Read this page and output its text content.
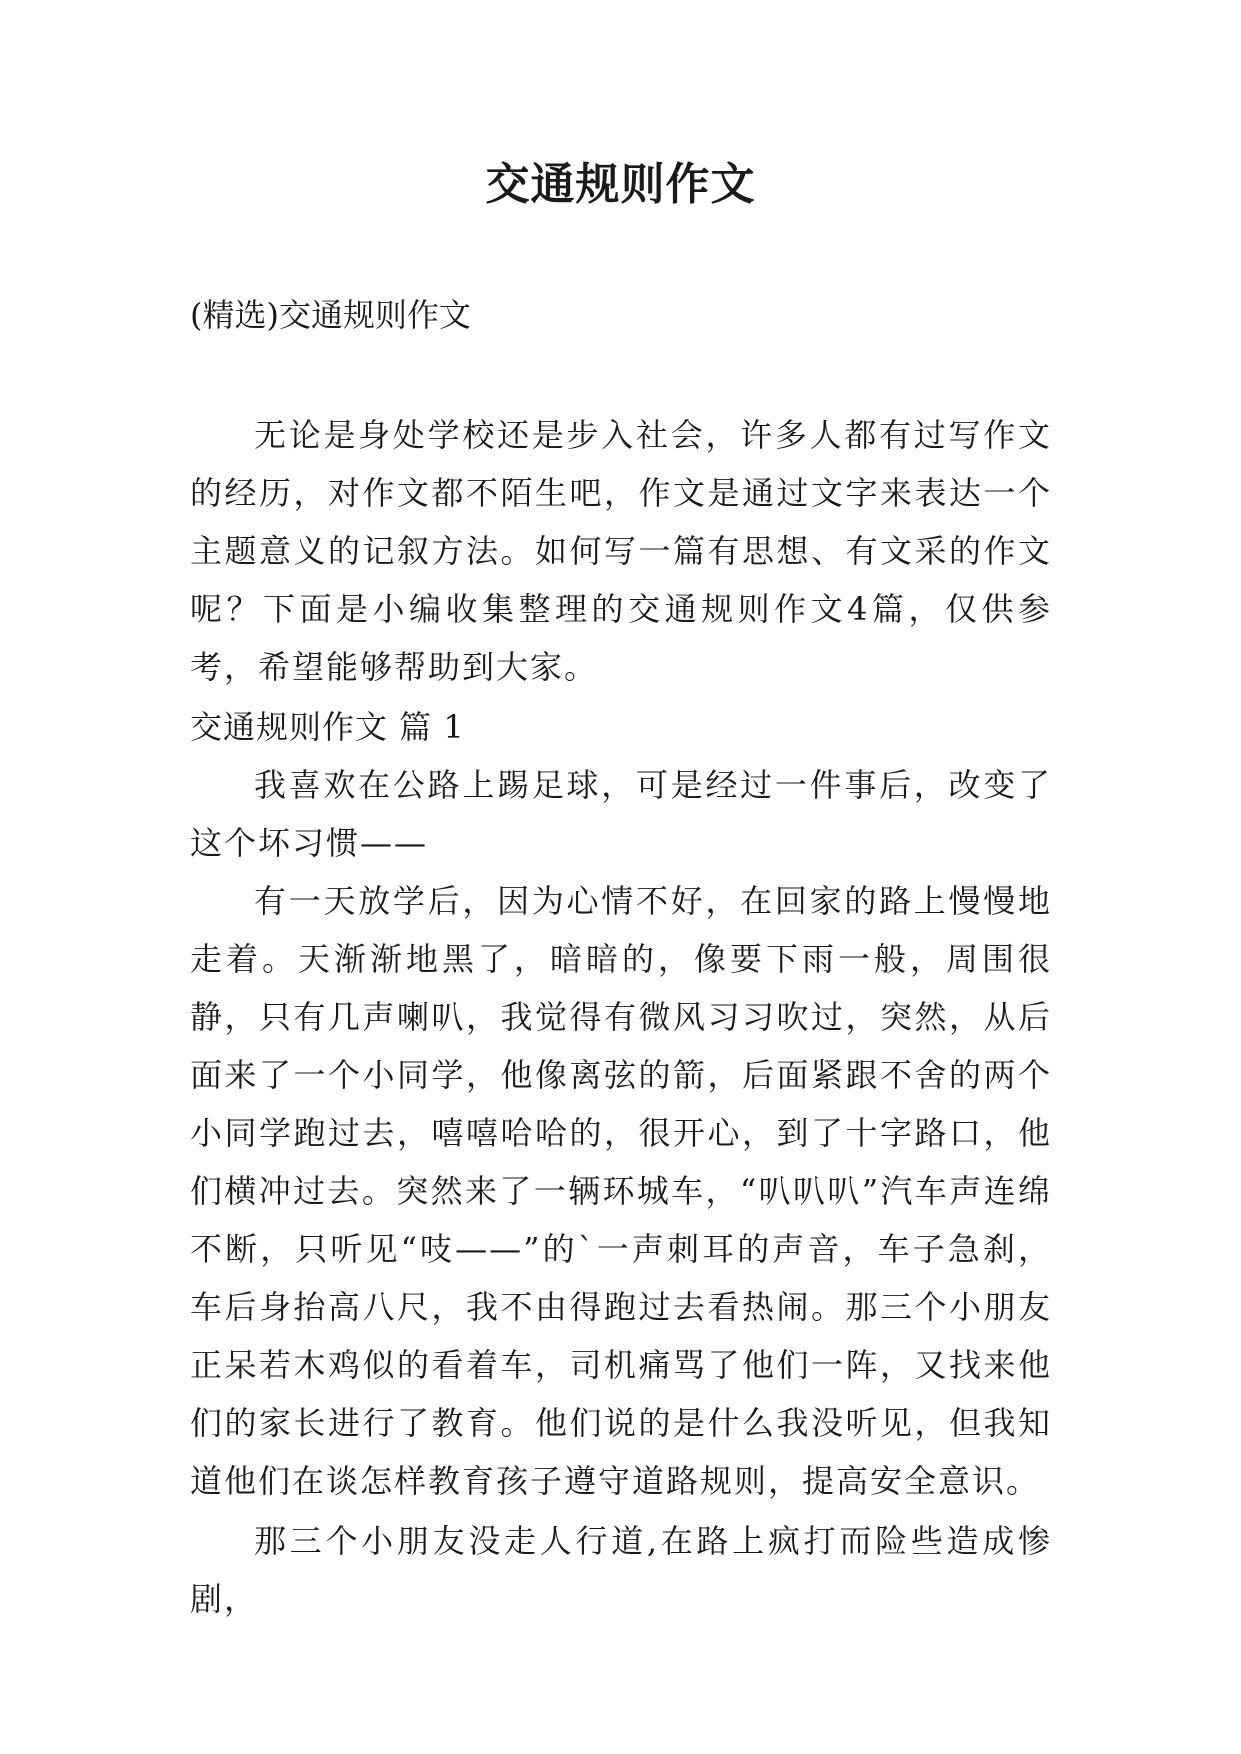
交通规则作文

(精选)交通规则作文

无论是身处学校还是步入社会，许多人都有过写作文的经历，对作文都不陌生吧，作文是通过文字来表达一个主题意义的记叙方法。如何写一篇有思想、有文采的作文呢？下面是小编收集整理的交通规则作文4篇，仅供参考，希望能够帮助到大家。

交通规则作文 篇 1

我喜欢在公路上踢足球，可是经过一件事后，改变了这个坏习惯——

有一天放学后，因为心情不好，在回家的路上慢慢地走着。天渐渐地黑了，暗暗的，像要下雨一般，周围很静，只有几声喇叭，我觉得有微风习习吹过，突然，从后面来了一个小同学，他像离弦的箭，后面紧跟不舍的两个小同学跑过去，嘻嘻哈哈的，很开心，到了十字路口，他们横冲过去。突然来了一辆环城车，“叭叭叭”汽车声连绵不断，只听见“吱——”的`一声刺耳的声音，车子急刹，车后身抬高八尺，我不由得跑过去看热闹。那三个小朋友正呆若木鸡似的看着车，司机痛骂了他们一阵，又找来他们的家长进行了教育。他们说的是什么我没听见，但我知道他们在谈怎样教育孩子遵守道路规则，提高安全意识。

那三个小朋友没走人行道,在路上疯打而险些造成惨剧，
